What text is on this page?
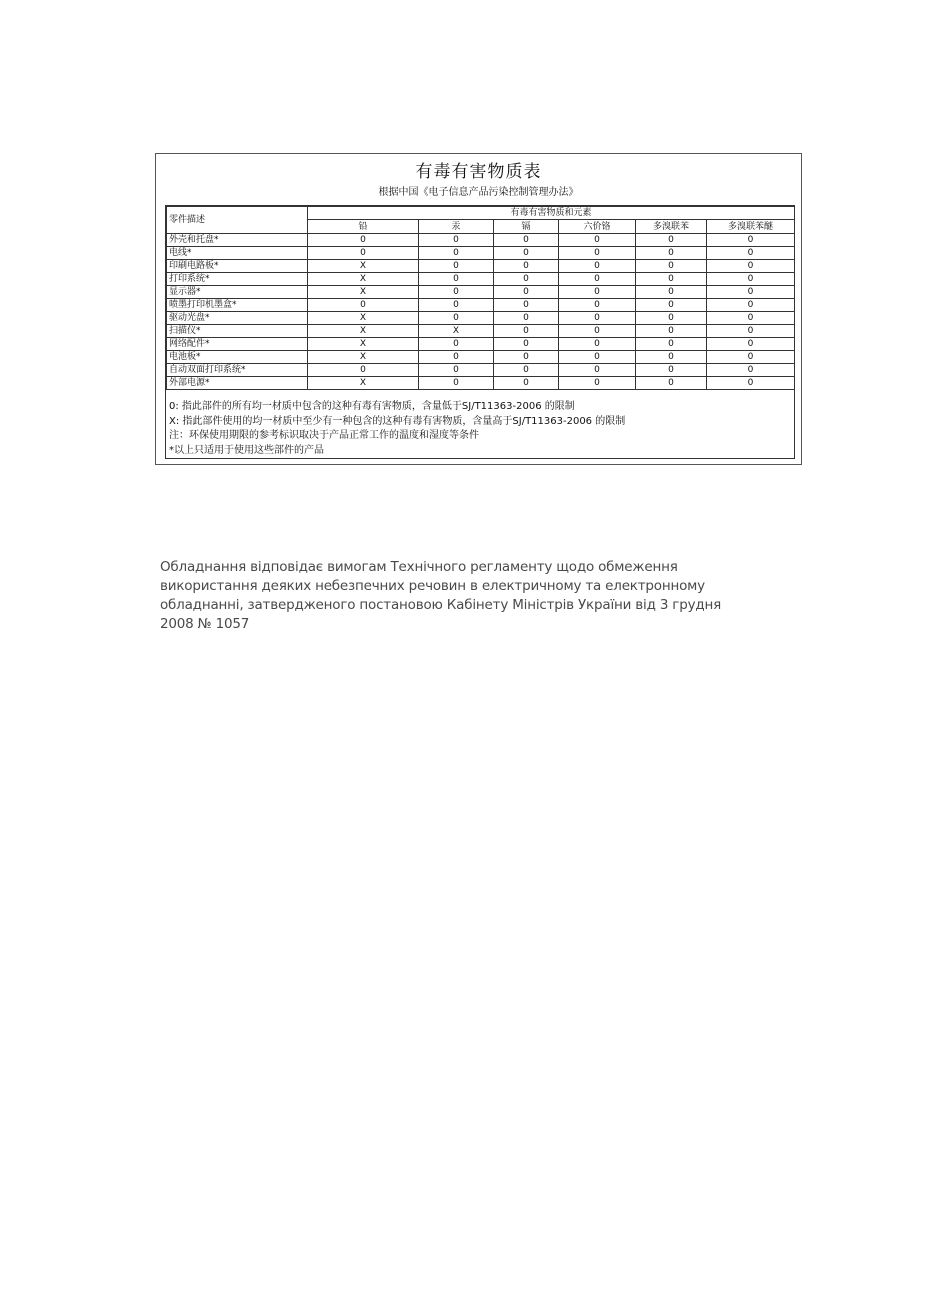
有毒有害物质表
根据中国《电子信息产品污染控制管理办法》
零件描述	有毒有害物质和元素					
	铅	汞	镉	六价铬	多溴联苯	多溴联苯醚
外壳和托盘*	0	0	0	0	0	0
电线*	0	0	0	0	0	0
印刷电路板*	X	0	0	0	0	0
打印系统*	X	0	0	0	0	0
显示器*	X	0	0	0	0	0
喷墨打印机墨盒*	0	0	0	0	0	0
驱动光盘*	X	0	0	0	0	0
扫描仪*	X	X	0	0	0	0
网络配件*	X	0	0	0	0	0
电池板*	X	0	0	0	0	0
自动双面打印系统*	0	0	0	0	0	0
外部电源*	X	0	0	0	0	0
0: 指此部件的所有均一材质中包含的这种有毒有害物质，含量低于SJ/T11363-2006 的限制
X: 指此部件使用的均一材质中至少有一种包含的这种有毒有害物质，含量高于SJ/T11363-2006 的限制
注：环保使用期限的参考标识取决于产品正常工作的温度和湿度等条件
*以上只适用于使用这些部件的产品
Обладнання відповідає вимогам Технічного регламенту щодо обмеження
використання деяких небезпечних речовин в електричному та електронному
обладнанні, затвердженого постановою Кабінету Міністрів України від 3 грудня
2008 № 1057
